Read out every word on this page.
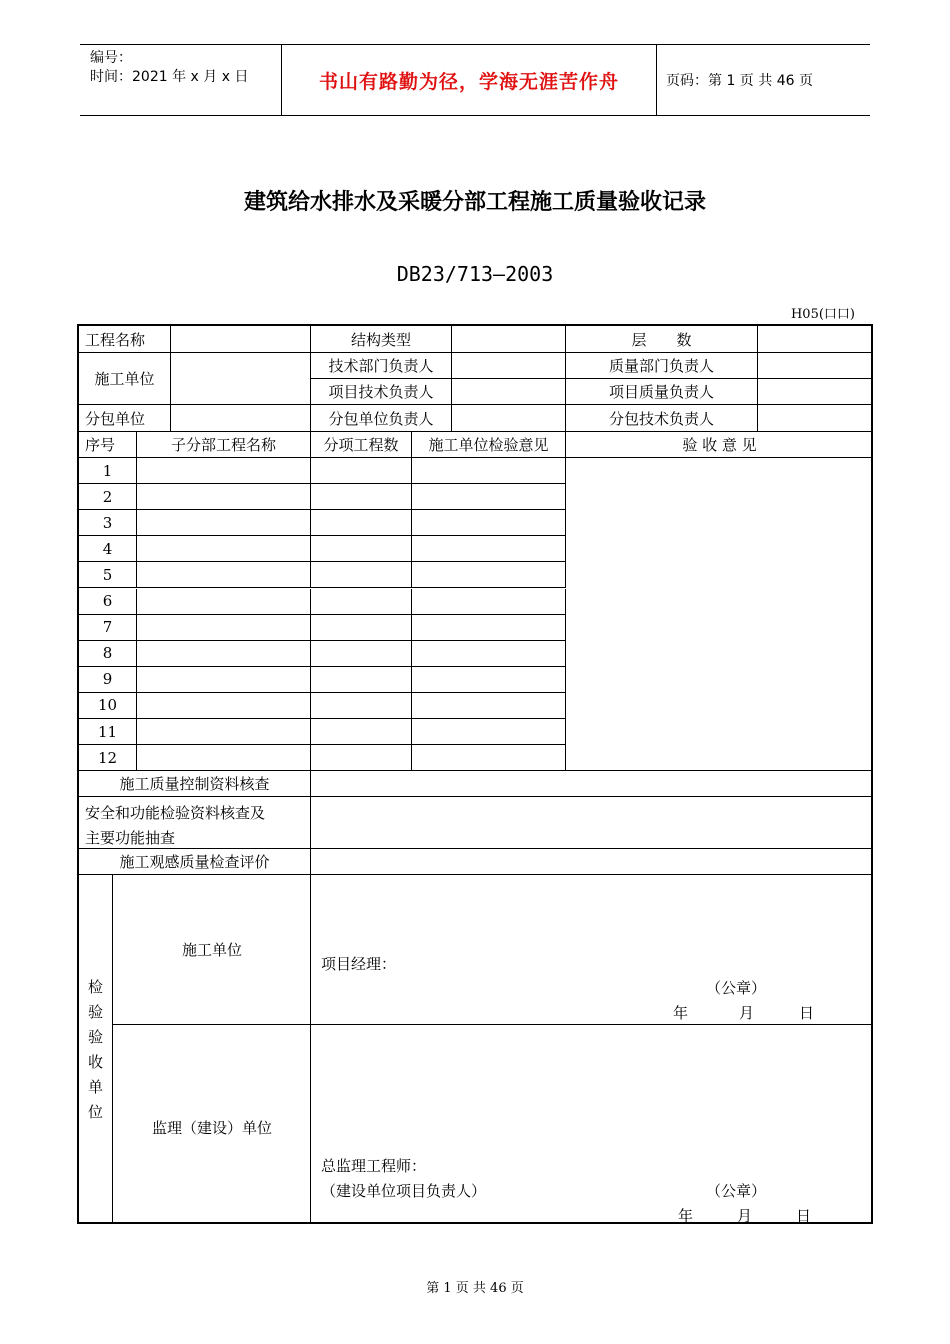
编号：
时间：2021 年 x 月 x 日	书山有路勤为径，学海无涯苦作舟	页码：第 1 页 共 46 页
建筑给水排水及采暖分部工程施工质量验收记录
DB23/713—2003
H05(口口)
工程名称	结构类型	层　　数
施工单位
技术部门负责人	质量部门负责人
项目技术负责人	项目质量负责人
分包单位	分包单位负责人	分包技术负责人
序号	子分部工程名称	分项工程数	施工单位检验意见	验 收 意 见
1
2
3
4
5
6
7
8
9
10
11
12
施工质量控制资料核查
安全和功能检验资料核查及
主要功能抽查
施工观感质量检查评价
检
验
验
收
单
位
施工单位
项目经理：
（公章）
年	月	日
监理（建设）单位
总监理工程师：
（建设单位项目负责人）	（公章）
年	月	日
第 1 页 共 46 页
